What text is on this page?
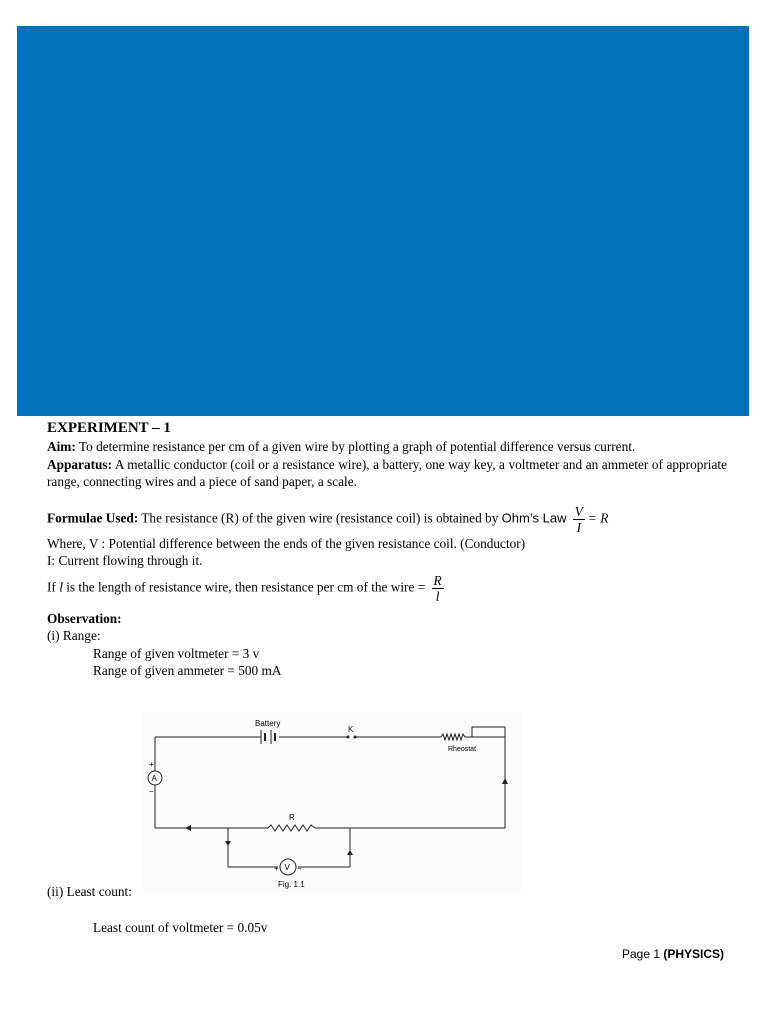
EXPERIMENT – 1

Aim: To determine resistance per cm of a given wire by plotting a graph of potential difference versus current.

Apparatus: A metallic conductor (coil or a resistance wire), a battery, one way key, a voltmeter and an ammeter of appropriate range, connecting wires and a piece of sand paper, a scale.

Formulae Used: The resistance (R) of the given wire (resistance coil) is obtained by Ohm’s Law $\frac{V}{I} = R$

Where, V : Potential difference between the ends of the given resistance coil. (Conductor)

I: Current flowing through it.

If l is the length of resistance wire, then resistance per cm of the wire = $\frac{R}{l}$

Observation:

(i) Range:

Range of given voltmeter = 3 v

Range of given ammeter = 500 mA

Battery
K
Rheostat
A
+
−
R
V
+ −
Fig. 1.1

(ii) Least count:

Least count of voltmeter = 0.05v

Page 1 (PHYSICS)
